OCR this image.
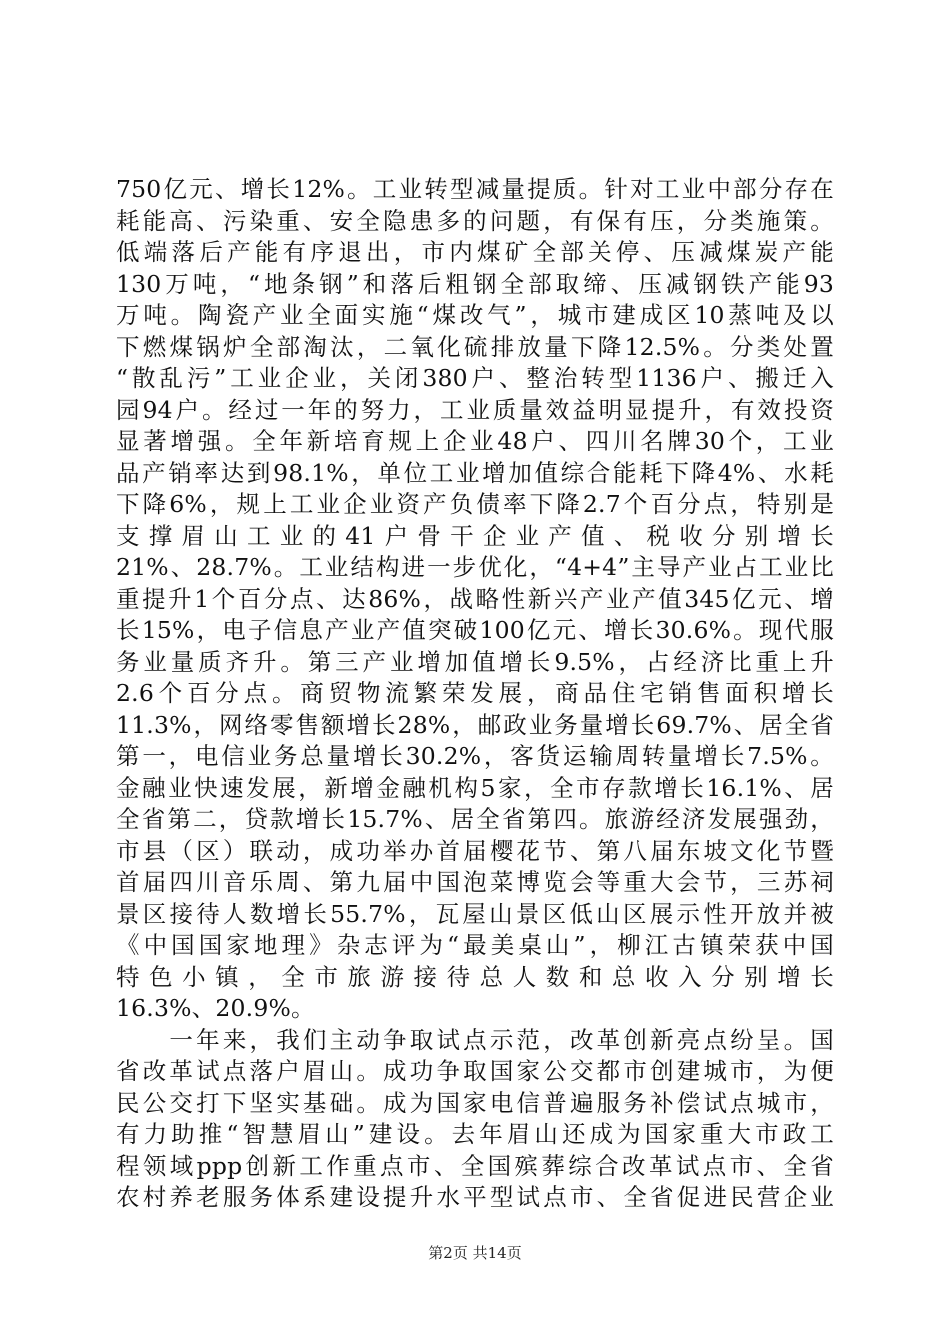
750亿元、增长12%。工业转型减量提质。针对工业中部分存在
耗能高、污染重、安全隐患多的问题，有保有压，分类施策。
低端落后产能有序退出，市内煤矿全部关停、压减煤炭产能
130万吨，“地条钢”和落后粗钢全部取缔、压减钢铁产能93
万吨。陶瓷产业全面实施“煤改气”，城市建成区10蒸吨及以
下燃煤锅炉全部淘汰，二氧化硫排放量下降12.5%。分类处置
“散乱污”工业企业，关闭380户、整治转型1136户、搬迁入
园94户。经过一年的努力，工业质量效益明显提升，有效投资
显著增强。全年新培育规上企业48户、四川名牌30个，工业
品产销率达到98.1%，单位工业增加值综合能耗下降4%、水耗
下降6%，规上工业企业资产负债率下降2.7个百分点，特别是
支撑眉山工业的41户骨干企业产值、税收分别增长
21%、28.7%。工业结构进一步优化，“4+4”主导产业占工业比
重提升1个百分点、达86%，战略性新兴产业产值345亿元、增
长15%，电子信息产业产值突破100亿元、增长30.6%。现代服
务业量质齐升。第三产业增加值增长9.5%，占经济比重上升
2.6个百分点。商贸物流繁荣发展，商品住宅销售面积增长
11.3%，网络零售额增长28%，邮政业务量增长69.7%、居全省
第一，电信业务总量增长30.2%，客货运输周转量增长7.5%。
金融业快速发展，新增金融机构5家，全市存款增长16.1%、居
全省第二，贷款增长15.7%、居全省第四。旅游经济发展强劲，
市县（区）联动，成功举办首届樱花节、第八届东坡文化节暨
首届四川音乐周、第九届中国泡菜博览会等重大会节，三苏祠
景区接待人数增长55.7%，瓦屋山景区低山区展示性开放并被
《中国国家地理》杂志评为“最美桌山”，柳江古镇荣获中国
特色小镇，全市旅游接待总人数和总收入分别增长
16.3%、20.9%。
　　一年来，我们主动争取试点示范，改革创新亮点纷呈。国
省改革试点落户眉山。成功争取国家公交都市创建城市，为便
民公交打下坚实基础。成为国家电信普遍服务补偿试点城市，
有力助推“智慧眉山”建设。去年眉山还成为国家重大市政工
程领域ppp创新工作重点市、全国殡葬综合改革试点市、全省
农村养老服务体系建设提升水平型试点市、全省促进民营企业
第2页 共14页
